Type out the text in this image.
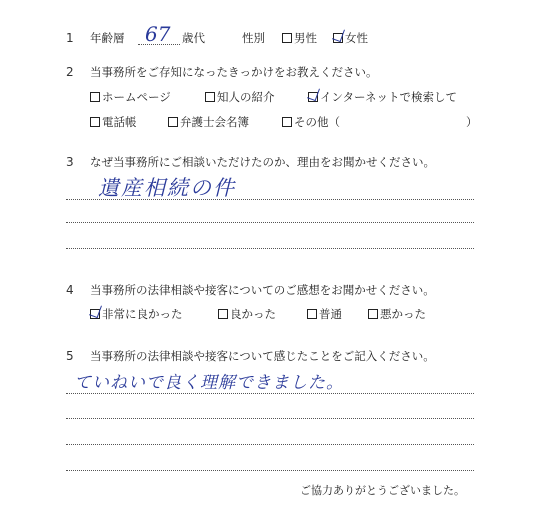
1 年齢層 67 歳代	性別	男性	女性
2 当事務所をご存知になったきっかけをお教えください。
ホームページ	知人の紹介	インターネットで検索して
電話帳	弁護士会名簿	その他（	）
3 なぜ当事務所にご相談いただけたのか、理由をお聞かせください。
遺産相続の件
4 当事務所の法律相談や接客についてのご感想をお聞かせください。
非常に良かった	良かった	普通	悪かった
5 当事務所の法律相談や接客について感じたことをご記入ください。
ていねいで良く理解できました。
ご協力ありがとうございました。
